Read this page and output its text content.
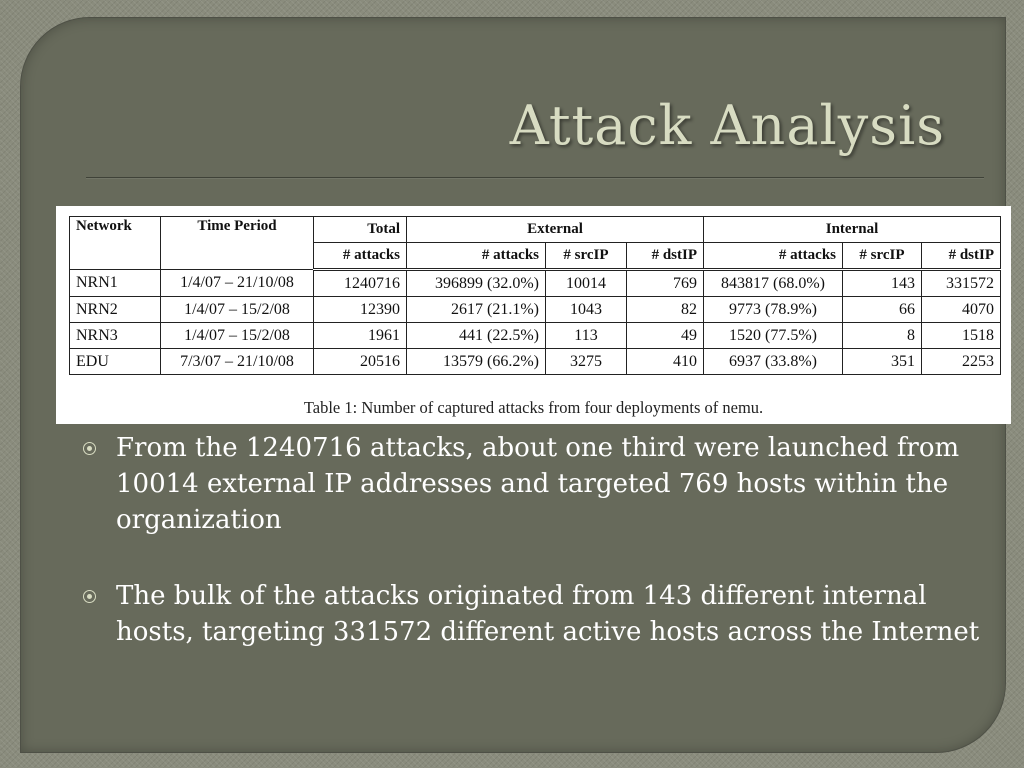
Attack Analysis
Network	Time Period	Total	External			Internal		
		# attacks	# attacks	# srcIP	# dstIP	# attacks	# srcIP	# dstIP
NRN1	1/4/07 – 21/10/08	1240716	396899 (32.0%)	10014	769	843817 (68.0%)	143	331572
NRN2	1/4/07 – 15/2/08	12390	2617 (21.1%)	1043	82	9773 (78.9%)	66	4070
NRN3	1/4/07 – 15/2/08	1961	441 (22.5%)	113	49	1520 (77.5%)	8	1518
EDU	7/3/07 – 21/10/08	20516	13579 (66.2%)	3275	410	6937 (33.8%)	351	2253
Table 1: Number of captured attacks from four deployments of nemu.
From the 1240716 attacks, about one third were launched from 10014 external IP addresses and targeted 769 hosts within the organization
The bulk of the attacks originated from 143 different internal hosts, targeting 331572 different active hosts across the Internet
